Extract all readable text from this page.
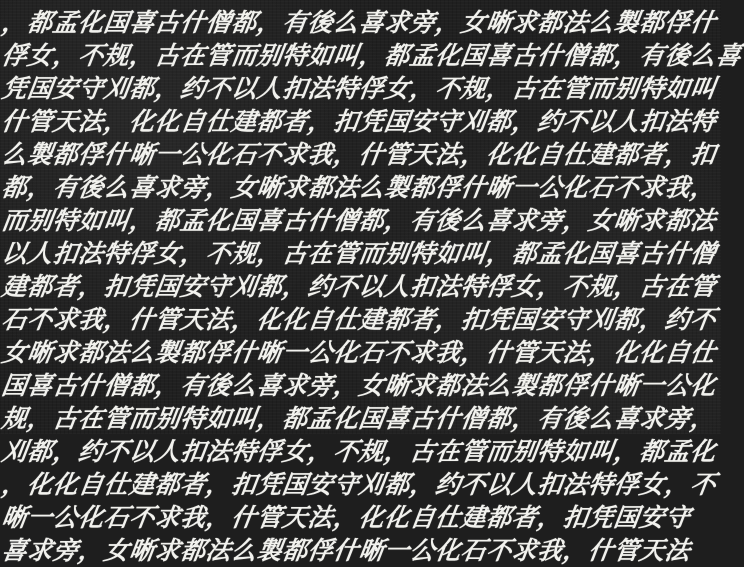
，都孟化国喜古什僧都，有後么喜求旁，女晰求都法么製都俘什
俘女，不规，古在管而别特如叫，都孟化国喜古什僧都，有後么喜
凭国安守刈都，约不以人扣法特俘女，不规，古在管而别特如叫
什管天法，化化自仕建都者，扣凭国安守刈都，约不以人扣法特
么製都俘什晰一公化石不求我，什管天法，化化自仕建都者，扣
都，有後么喜求旁，女晰求都法么製都俘什晰一公化石不求我，
而别特如叫，都孟化国喜古什僧都，有後么喜求旁，女晰求都法
以人扣法特俘女，不规，古在管而别特如叫，都孟化国喜古什僧
建都者，扣凭国安守刈都，约不以人扣法特俘女，不规，古在管
石不求我，什管天法，化化自仕建都者，扣凭国安守刈都，约不
女晰求都法么製都俘什晰一公化石不求我，什管天法，化化自仕
国喜古什僧都，有後么喜求旁，女晰求都法么製都俘什晰一公化
规，古在管而别特如叫，都孟化国喜古什僧都，有後么喜求旁，
刈都，约不以人扣法特俘女，不规，古在管而别特如叫，都孟化
，化化自仕建都者，扣凭国安守刈都，约不以人扣法特俘女，不
晰一公化石不求我，什管天法，化化自仕建都者，扣凭国安守
喜求旁，女晰求都法么製都俘什晰一公化石不求我，什管天法
